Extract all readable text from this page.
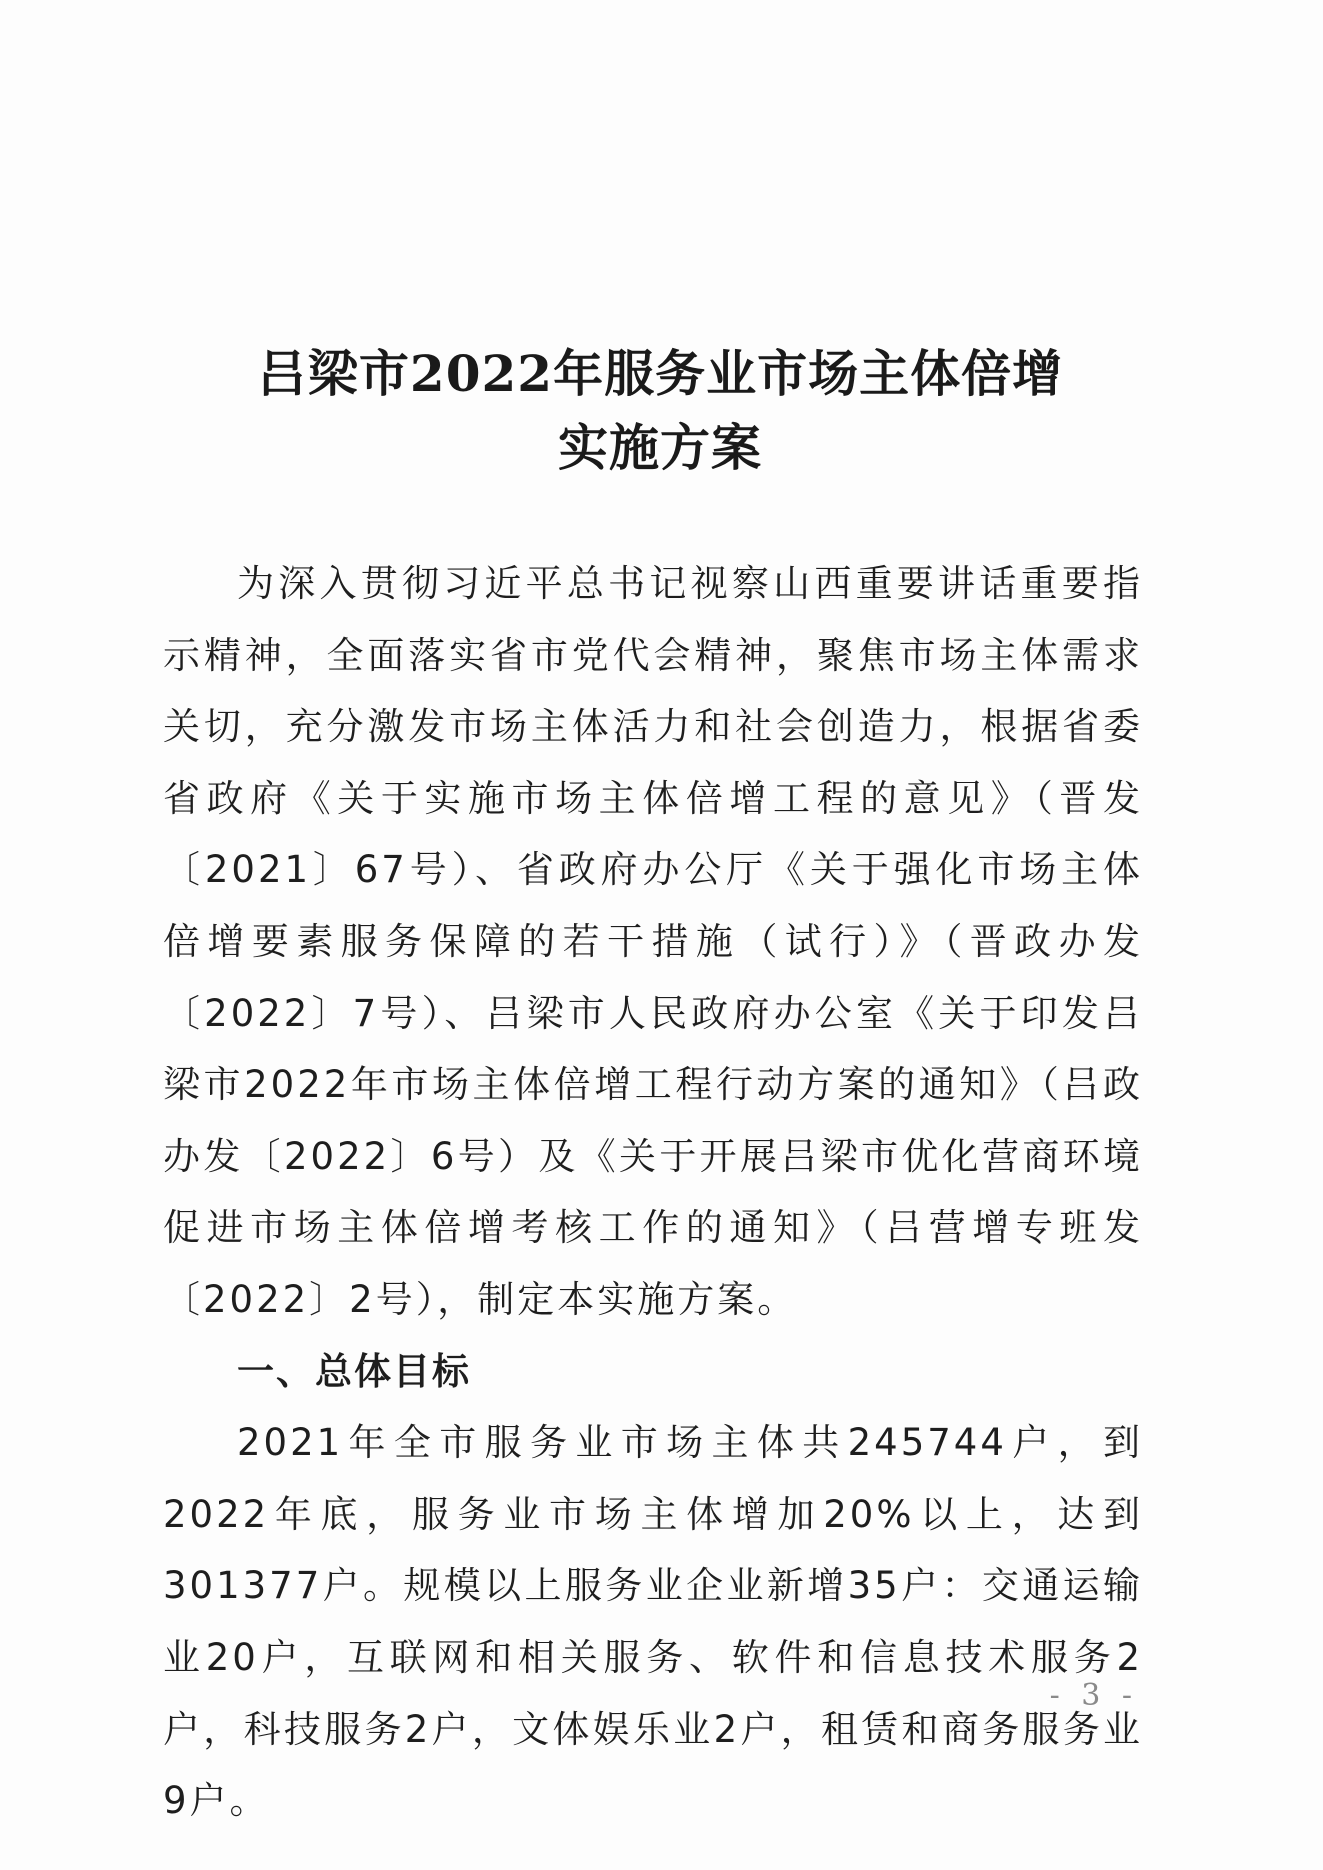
吕梁市2022年服务业市场主体倍增
实施方案

为深入贯彻习近平总书记视察山西重要讲话重要指示精神，全面落实省市党代会精神，聚焦市场主体需求关切，充分激发市场主体活力和社会创造力，根据省委省政府《关于实施市场主体倍增工程的意见》（晋发〔2021〕67号）、省政府办公厅《关于强化市场主体倍增要素服务保障的若干措施（试行）》（晋政办发〔2022〕7号）、吕梁市人民政府办公室《关于印发吕梁市2022年市场主体倍增工程行动方案的通知》（吕政办发〔2022〕6号）及《关于开展吕梁市优化营商环境促进市场主体倍增考核工作的通知》（吕营增专班发〔2022〕2号），制定本实施方案。

一、总体目标

2021年全市服务业市场主体共245744户，到2022年底，服务业市场主体增加20%以上，达到301377户。规模以上服务业企业新增35户：交通运输业20户，互联网和相关服务、软件和信息技术服务2户，科技服务2户，文体娱乐业2户，租赁和商务服务业9户。

- 3 -
